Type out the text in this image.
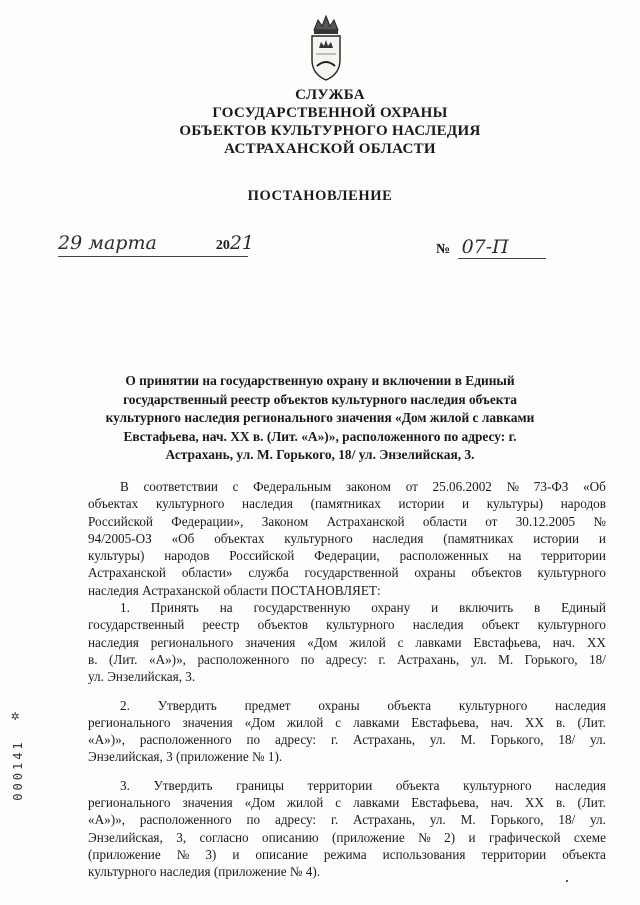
СЛУЖБА
ГОСУДАРСТВЕННОЙ ОХРАНЫ
ОБЪЕКТОВ КУЛЬТУРНОГО НАСЛЕДИЯ
АСТРАХАНСКОЙ ОБЛАСТИ
ПОСТАНОВЛЕНИЕ
29 марта	2021	№ 07-П
О принятии на государственную охрану и включении в Единый
государственный реестр объектов культурного наследия объекта
культурного наследия регионального значения «Дом жилой с лавками
Евстафьева, нач. XX в. (Лит. «А»)», расположенного по адресу: г.
Астрахань, ул. М. Горького, 18/ ул. Энзелийская, 3.
В соответствии с Федеральным законом от 25.06.2002 № 73-ФЗ «Об
объектах культурного наследия (памятниках истории и культуры) народов
Российской Федерации», Законом Астраханской области от 30.12.2005 №
94/2005-ОЗ «Об объектах культурного наследия (памятниках истории и
культуры) народов Российской Федерации, расположенных на территории
Астраханской области» служба государственной охраны объектов культурного
наследия Астраханской области ПОСТАНОВЛЯЕТ:
1. Принять на государственную охрану и включить в Единый
государственный реестр объектов культурного наследия объект культурного
наследия регионального значения «Дом жилой с лавками Евстафьева, нач. XX
в. (Лит. «А»)», расположенного по адресу: г. Астрахань, ул. М. Горького, 18/
ул. Энзелийская, 3.
2. Утвердить предмет охраны объекта культурного наследия
регионального значения «Дом жилой с лавками Евстафьева, нач. XX в. (Лит.
«А»)», расположенного по адресу: г. Астрахань, ул. М. Горького, 18/ ул.
Энзелийская, 3 (приложение № 1).
3. Утвердить границы территории объекта культурного наследия
регионального значения «Дом жилой с лавками Евстафьева, нач. XX в. (Лит.
«А»)», расположенного по адресу: г. Астрахань, ул. М. Горького, 18/ ул.
Энзелийская, 3, согласно описанию (приложение № 2) и графической схеме
(приложение № 3) и описание режима использования территории объекта
культурного наследия (приложение № 4).
✲
000141
